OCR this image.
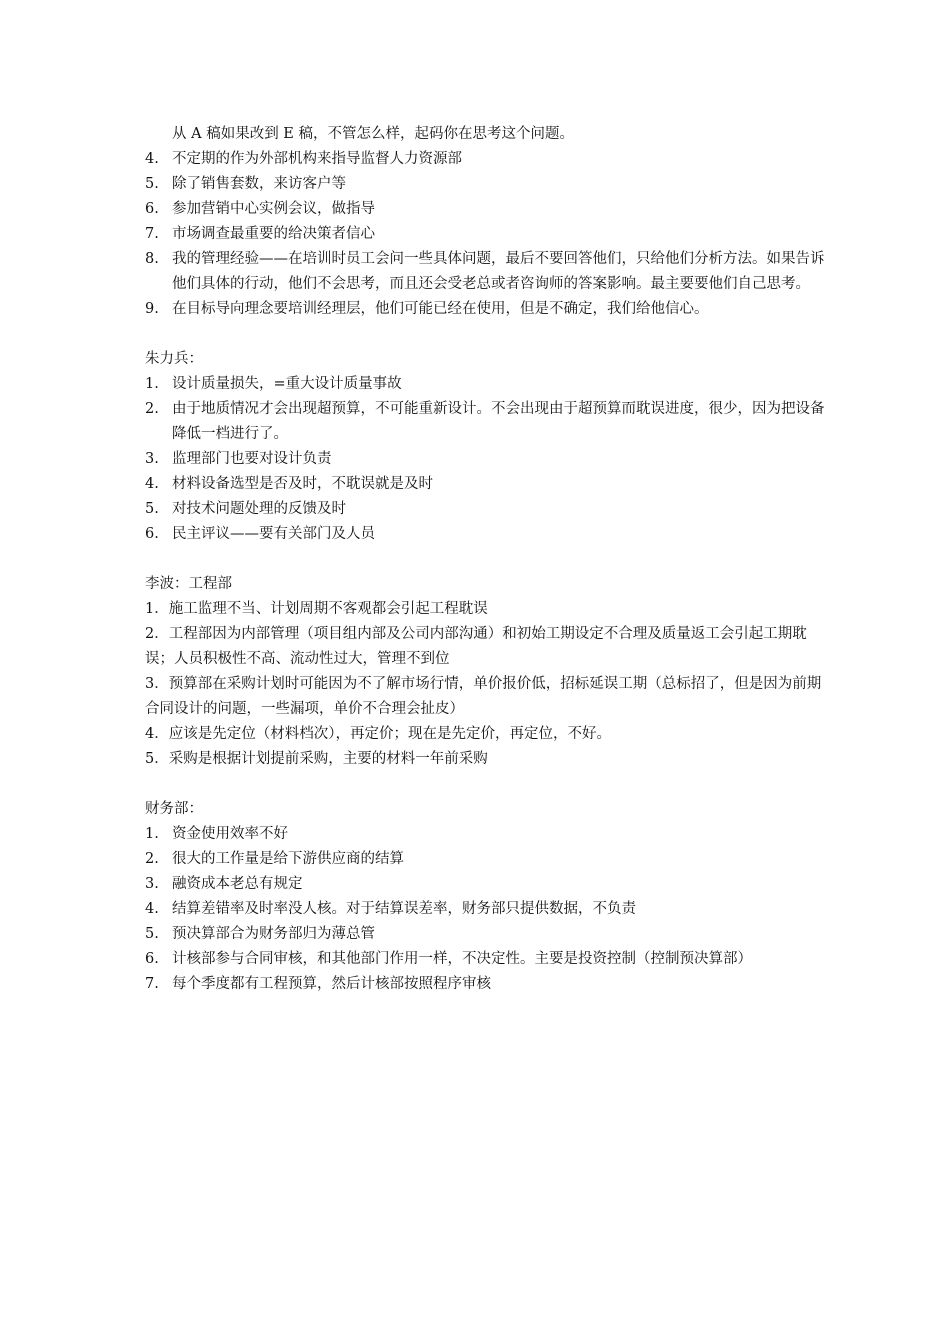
从 A 稿如果改到 E 稿，不管怎么样，起码你在思考这个问题。
4. 不定期的作为外部机构来指导监督人力资源部
5. 除了销售套数，来访客户等
6. 参加营销中心实例会议，做指导
7. 市场调查最重要的给决策者信心
8. 我的管理经验——在培训时员工会问一些具体问题，最后不要回答他们，只给他们分析方法。如果告诉他们具体的行动，他们不会思考，而且还会受老总或者咨询师的答案影响。最主要要他们自己思考。
9. 在目标导向理念要培训经理层，他们可能已经在使用，但是不确定，我们给他信心。
朱力兵：
1. 设计质量损失，=重大设计质量事故
2. 由于地质情况才会出现超预算，不可能重新设计。不会出现由于超预算而耽误进度，很少，因为把设备降低一档进行了。
3. 监理部门也要对设计负责
4. 材料设备选型是否及时，不耽误就是及时
5. 对技术问题处理的反馈及时
6. 民主评议——要有关部门及人员
李波：工程部
1．施工监理不当、计划周期不客观都会引起工程耽误
2．工程部因为内部管理（项目组内部及公司内部沟通）和初始工期设定不合理及质量返工会引起工期耽误；人员积极性不高、流动性过大，管理不到位
3．预算部在采购计划时可能因为不了解市场行情，单价报价低，招标延误工期（总标招了，但是因为前期合同设计的问题，一些漏项，单价不合理会扯皮）
4．应该是先定位（材料档次），再定价；现在是先定价，再定位，不好。
5．采购是根据计划提前采购，主要的材料一年前采购
财务部：
1. 资金使用效率不好
2. 很大的工作量是给下游供应商的结算
3. 融资成本老总有规定
4. 结算差错率及时率没人核。对于结算误差率，财务部只提供数据，不负责
5. 预决算部合为财务部归为薄总管
6. 计核部参与合同审核，和其他部门作用一样，不决定性。主要是投资控制（控制预决算部）
7. 每个季度都有工程预算，然后计核部按照程序审核
